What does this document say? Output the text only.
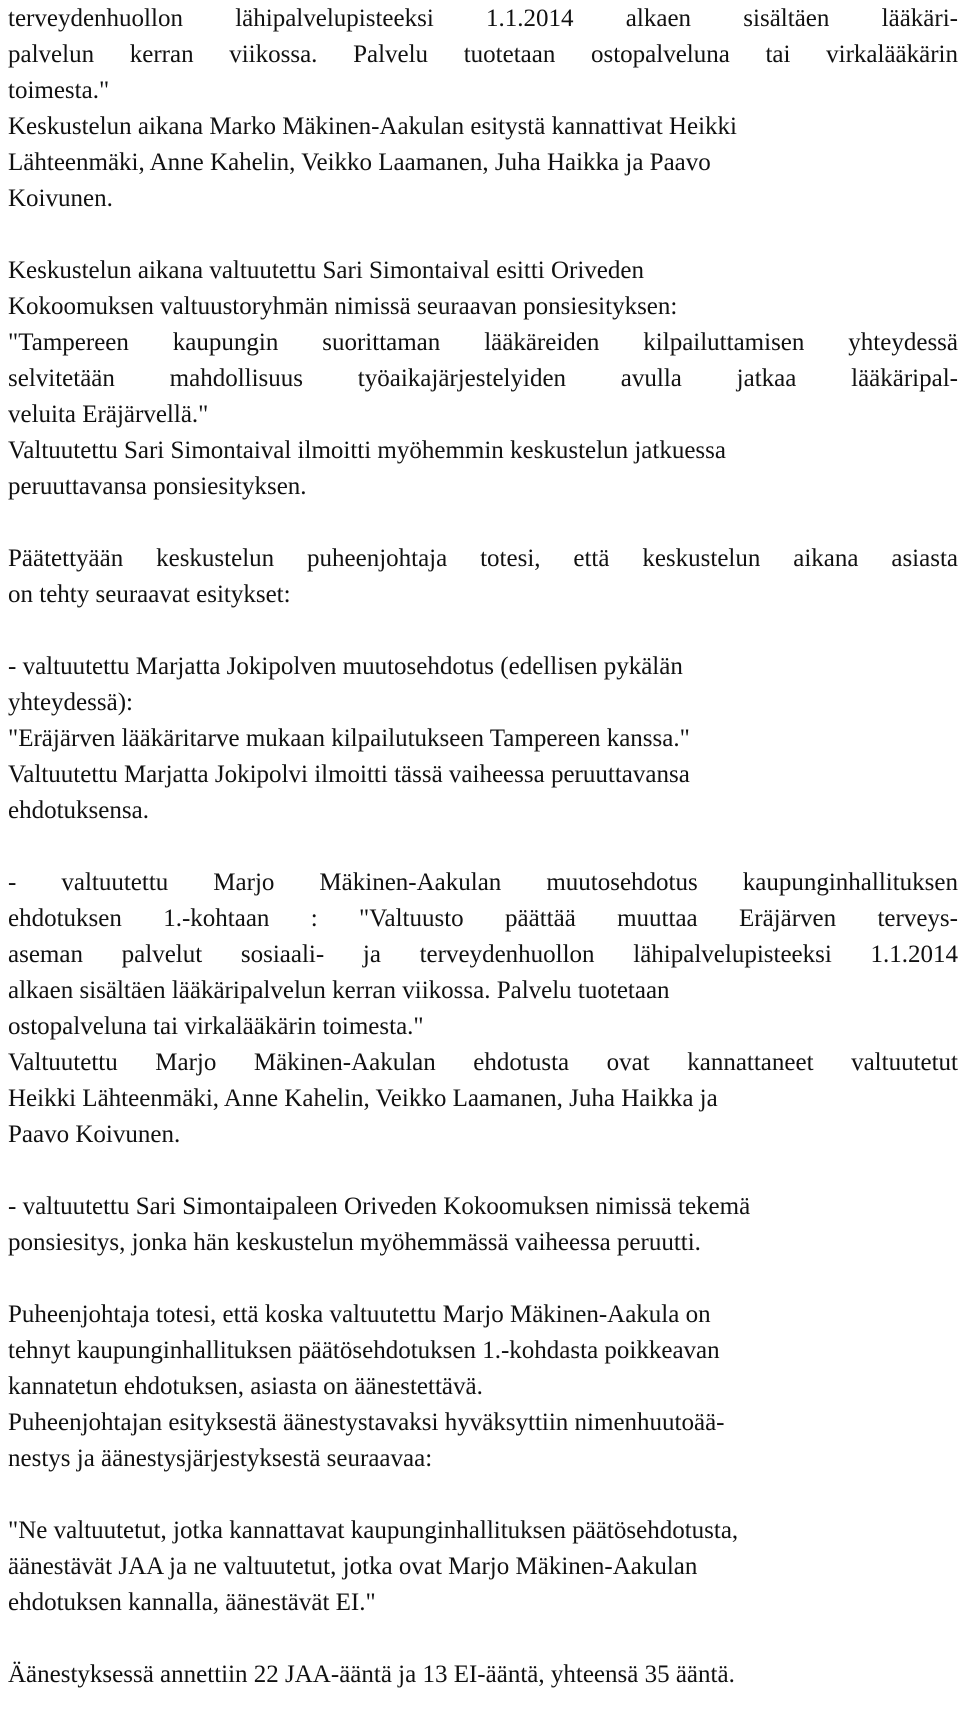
terveydenhuollon lähipalvelupisteeksi 1.1.2014 alkaen sisältäen lääkäri-
palvelun kerran viikossa. Palvelu tuotetaan ostopalveluna tai virkalääkärin
toimesta."
Keskustelun aikana Marko Mäkinen-Aakulan esitystä kannattivat Heikki
Lähteenmäki, Anne Kahelin, Veikko Laamanen, Juha Haikka ja Paavo
Koivunen.
Keskustelun aikana valtuutettu Sari Simontaival esitti Oriveden
Kokoomuksen valtuustoryhmän nimissä seuraavan ponsiesityksen:
"Tampereen kaupungin suorittaman lääkäreiden kilpailuttamisen yhteydessä
selvitetään mahdollisuus työaikajärjestelyiden avulla jatkaa lääkäripal-
veluita Eräjärvellä."
Valtuutettu Sari Simontaival ilmoitti myöhemmin keskustelun jatkuessa
peruuttavansa ponsiesityksen.
Päätettyään keskustelun puheenjohtaja totesi, että keskustelun aikana asiasta
on tehty seuraavat esitykset:
- valtuutettu Marjatta Jokipolven muutosehdotus (edellisen pykälän
yhteydessä):
"Eräjärven lääkäritarve mukaan kilpailutukseen Tampereen kanssa."
Valtuutettu Marjatta Jokipolvi ilmoitti tässä vaiheessa peruuttavansa
ehdotuksensa.
- valtuutettu Marjo Mäkinen-Aakulan muutosehdotus kaupunginhallituksen
ehdotuksen 1.-kohtaan : "Valtuusto päättää muuttaa Eräjärven terveys-
aseman palvelut sosiaali- ja terveydenhuollon lähipalvelupisteeksi 1.1.2014
alkaen sisältäen lääkäripalvelun kerran viikossa. Palvelu tuotetaan
ostopalveluna tai virkalääkärin toimesta."
Valtuutettu Marjo Mäkinen-Aakulan ehdotusta ovat kannattaneet valtuutetut
Heikki Lähteenmäki, Anne Kahelin, Veikko Laamanen, Juha Haikka ja
Paavo Koivunen.
- valtuutettu Sari Simontaipaleen Oriveden Kokoomuksen nimissä tekemä
ponsiesitys, jonka hän keskustelun myöhemmässä vaiheessa peruutti.
Puheenjohtaja totesi, että koska valtuutettu Marjo Mäkinen-Aakula on
tehnyt kaupunginhallituksen päätösehdotuksen 1.-kohdasta poikkeavan
kannatetun ehdotuksen, asiasta on äänestettävä.
Puheenjohtajan esityksestä äänestystavaksi hyväksyttiin nimenhuutoää-
nestys ja äänestysjärjestyksestä seuraavaa:
"Ne valtuutetut, jotka kannattavat kaupunginhallituksen päätösehdotusta,
äänestävät JAA ja ne valtuutetut, jotka ovat Marjo Mäkinen-Aakulan
ehdotuksen kannalla, äänestävät EI."
Äänestyksessä annettiin 22 JAA-ääntä ja 13 EI-ääntä, yhteensä 35 ääntä.
